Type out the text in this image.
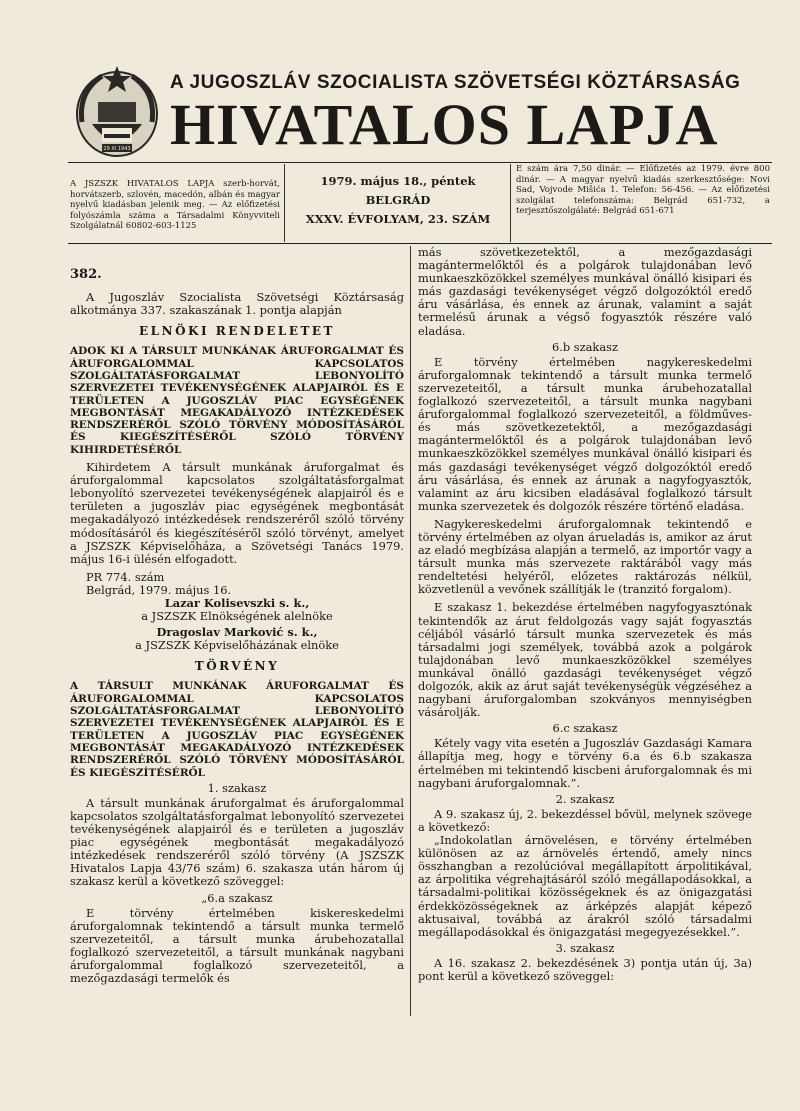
29 XI 1943
A JUGOSZLÁV SZOCIALISTA SZÖVETSÉGI KÖZTÁRSASÁG
HIVATALOS LAPJA
A JSZSZK HIVATALOS LAPJA szerb-horvát, horvátszerb, szlovén, macedón, albán és magyar nyelvű kiadásban jelenik meg. — Az előfizetési folyószámla száma a Társadalmi Könyvviteli Szolgálatnál 60802-603-1125
1979. május 18., péntek
BELGRÁD
XXXV. ÉVFOLYAM, 23. SZÁM
E szám ára 7,50 dinár. — Előfizetés az 1979. évre 800 dinár. — A magyar nyelvű kiadás szerkesztősége: Novi Sad, Vojvode Mišića 1. Telefon: 56-456. — Az előfizetési szolgálat telefonszáma: Belgrád 651-732, a terjesztőszolgálaté: Belgrád 651-671

382.

A Jugoszláv Szocialista Szövetségi Köztársaság alkotmánya 337. szakaszának 1. pontja alapján

ELNÖKI RENDELETET

ADOK KI A TÁRSULT MUNKÁNAK ÁRUFORGALMAT ÉS ÁRUFORGALOMMAL KAPCSOLATOS SZOLGÁLTATÁSFORGALMAT LEBONYOLÍTÓ SZERVEZETEI TEVÉKENYSÉGÉNEK ALAPJAIRÓL ÉS E TERÜLETEN A JUGOSZLÁV PIAC EGYSÉGÉNEK MEGBONTÁSÁT MEGAKADÁLYOZÓ INTÉZKEDÉSEK RENDSZERÉRŐL SZÓLÓ TÖRVÉNY MÓDOSÍTÁSÁRÓL ÉS KIEGÉSZÍTÉSÉRŐL SZÓLÓ TÖRVÉNY KIHIRDETÉSÉRŐL

Kihirdetem A társult munkának áruforgalmat és áruforgalommal kapcsolatos szolgáltatásforgalmat lebonyolító szervezetei tevékenységének alapjairól és e területen a jugoszláv piac egységének megbontását megakadályozó intézkedések rendszeréről szóló törvény módosításáról és kiegészítéséről szóló törvényt, amelyet a JSZSZK Képviselőháza, a Szövetségi Tanács 1979. május 16-i ülésén elfogadott.

PR 774. szám

Belgrád, 1979. május 16.

Lazar Kolisevszki s. k.,
a JSZSZK Elnökségének alelnöke
Dragoslav Marković s. k.,
a JSZSZK Képviselőházának elnöke

TÖRVÉNY

A TÁRSULT MUNKÁNAK ÁRUFORGALMAT ÉS ÁRUFORGALOMMAL KAPCSOLATOS SZOLGÁLTATÁSFORGALMAT LEBONYOLÍTÓ SZERVEZETEI TEVÉKENYSÉGÉNEK ALAPJAIRÓL ÉS E TERÜLETEN A JUGOSZLÁV PIAC EGYSÉGÉNEK MEGBONTÁSÁT MEGAKADÁLYOZÓ INTÉZKEDÉSEK RENDSZERÉRŐL SZÓLÓ TÖRVÉNY MÓDOSÍTÁSÁRÓL ÉS KIEGÉSZÍTÉSÉRŐL

1. szakasz

A társult munkának áruforgalmat és áruforgalommal kapcsolatos szolgáltatásforgalmat lebonyolító szervezetei tevékenységének alapjairól és e területen a jugoszláv piac egységének megbontását megakadályozó intézkedések rendszeréről szóló törvény (A JSZSZK Hivatalos Lapja 43/76 szám) 6. szakasza után három új szakasz kerül a következő szöveggel:

„6.a szakasz

E törvény értelmében kiskereskedelmi áruforgalomnak tekintendő a társult munka termelő szervezeteitől, a társult munka árubehozatallal foglalkozó szervezeteitől, a társult munkának nagybani áruforgalommal foglalkozó szervezeteitől, a mezőgazdasági termelők és

más szövetkezetektől, a mezőgazdasági magántermelőktől és a polgárok tulajdonában levő munkaeszközökkel személyes munkával önálló kisipari és más gazdasági tevékenységet végző dolgozóktól eredő áru vásárlása, és ennek az árunak, valamint a saját termelésű árunak a végső fogyasztók részére való eladása.

6.b szakasz

E törvény értelmében nagykereskedelmi áruforgalomnak tekintendő a társult munka termelő szervezeteitől, a társult munka árubehozatallal foglalkozó szervezeteitől, a társult munka nagybani áruforgalommal foglalkozó szervezeteitől, a földműves- és más szövetkezetektől, a mezőgazdasági magántermelőktől és a polgárok tulajdonában levő munkaeszközökkel személyes munkával önálló kisipari és más gazdasági tevékenységet végző dolgozóktól eredő áru vásárlása, és ennek az árunak a nagyfogyasztók, valamint az áru kicsiben eladásával foglalkozó társult munka szervezetek és dolgozók részére történő eladása.

Nagykereskedelmi áruforgalomnak tekintendő e törvény értelmében az olyan árueladás is, amikor az árut az eladó megbízása alapján a termelő, az importőr vagy a társult munka más szervezete raktárából vagy más rendeltetési helyéről, előzetes raktározás nélkül, közvetlenül a vevőnek szállítják le (tranzitó forgalom).

E szakasz 1. bekezdése értelmében nagyfogyasztónak tekintendők az árut feldolgozás vagy saját fogyasztás céljából vásárló társult munka szervezetek és más társadalmi jogi személyek, továbbá azok a polgárok tulajdonában levő munkaeszközökkel személyes munkával önálló gazdasági tevékenységet végző dolgozók, akik az árut saját tevékenységük végzéséhez a nagybani áruforgalomban szokványos mennyiségben vásárolják.

6.c szakasz

Kétely vagy vita esetén a Jugoszláv Gazdasági Kamara állapítja meg, hogy e törvény 6.a és 6.b szakasza értelmében mi tekintendő kiscbeni áruforgalomnak és mi nagybani áruforgalomnak.”.

2. szakasz

A 9. szakasz új, 2. bekezdéssel bővül, melynek szövege a következő:

„Indokolatlan árnövelésen, e törvény értelmében különösen az az árnövelés értendő, amely nincs összhangban a rezolúcióval megállapított árpolitikával, az árpolitika végrehajtásáról szóló megállapodásokkal, a társadalmi-politikai közösségeknek és az önigazgatási érdekközösségeknek az árképzés alapját képező aktusaival, továbbá az árakról szóló társadalmi megállapodásokkal és önigazgatási megegyezésekkel.”.

3. szakasz

A 16. szakasz 2. bekezdésének 3) pontja után új, 3a) pont kerül a következő szöveggel:
